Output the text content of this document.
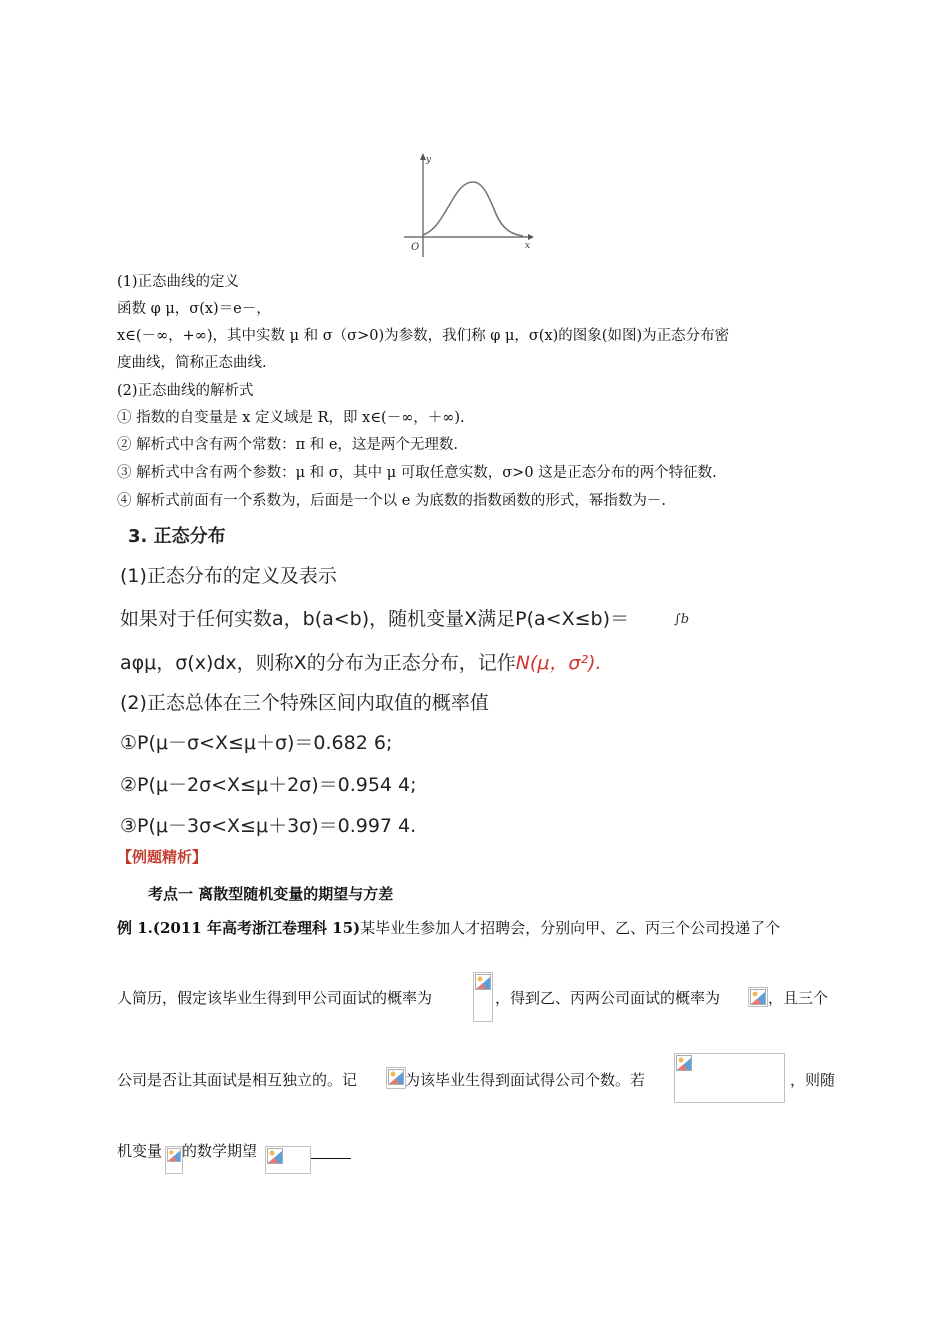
y
x
O
(1)正态曲线的定义
函数 φ μ，σ(x)＝e－，
x∈(－∞，+∞)，其中实数 μ 和 σ（σ>0)为参数，我们称 φ μ，σ(x)的图象(如图)为正态分布密
度曲线，简称正态曲线.
(2)正态曲线的解析式
① 指数的自变量是 x 定义域是 R，即 x∈(－∞，＋∞).
② 解析式中含有两个常数：π 和 e，这是两个无理数.
③ 解析式中含有两个参数：μ 和 σ，其中 μ 可取任意实数，σ>0 这是正态分布的两个特征数.
④ 解析式前面有一个系数为，后面是一个以 e 为底数的指数函数的形式，幂指数为－.
3. 正态分布
(1)正态分布的定义及表示
如果对于任何实数a，b(a<b)，随机变量X满足P(a<X≤b)＝	∫b
aφμ，σ(x)dx，则称X的分布为正态分布，记作N(μ，σ²).
(2)正态总体在三个特殊区间内取值的概率值
①P(μ－σ<X≤μ＋σ)＝0.682 6;
②P(μ－2σ<X≤μ＋2σ)＝0.954 4;
③P(μ－3σ<X≤μ＋3σ)＝0.997 4.
【例题精析】
考点一 离散型随机变量的期望与方差
例 1.(2011 年高考浙江卷理科 15)某毕业生参加人才招聘会，分别向甲、乙、丙三个公司投递了个
人简历，假定该毕业生得到甲公司面试的概率为	，得到乙、丙两公司面试的概率为	，且三个
公司是否让其面试是相互独立的。记	为该毕业生得到面试得公司个数。若	，则随
机变量 的数学期望
